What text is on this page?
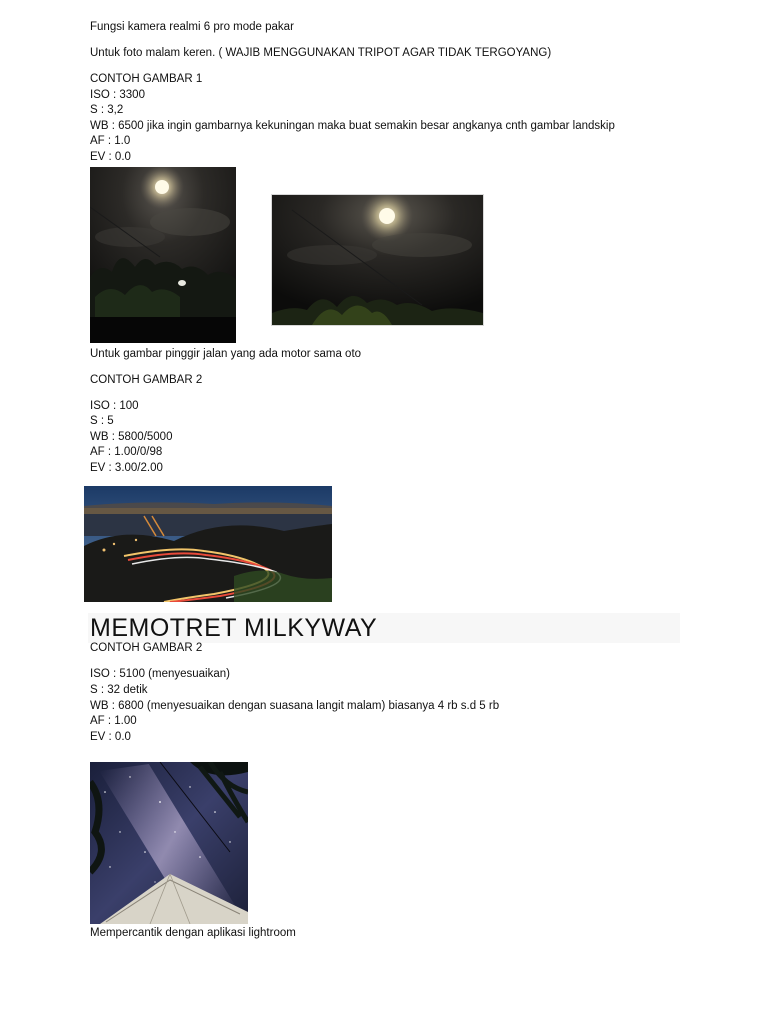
Fungsi kamera realmi 6 pro mode pakar
Untuk foto malam keren. ( WAJIB MENGGUNAKAN TRIPOT AGAR TIDAK TERGOYANG)
CONTOH GAMBAR 1
ISO : 3300
S : 3,2
WB : 6500 jika ingin gambarnya kekuningan maka buat semakin besar angkanya cnth gambar landskip
AF : 1.0
EV : 0.0
Untuk gambar pinggir jalan yang ada motor sama oto
CONTOH GAMBAR 2
ISO : 100
S : 5
WB : 5800/5000
AF : 1.00/0/98
EV : 3.00/2.00
MEMOTRET MILKYWAY
CONTOH GAMBAR 2
ISO : 5100 (menyesuaikan)
S : 32 detik
WB : 6800 (menyesuaikan dengan suasana langit malam) biasanya 4 rb s.d 5 rb
AF : 1.00
EV : 0.0
Mempercantik dengan aplikasi lightroom
